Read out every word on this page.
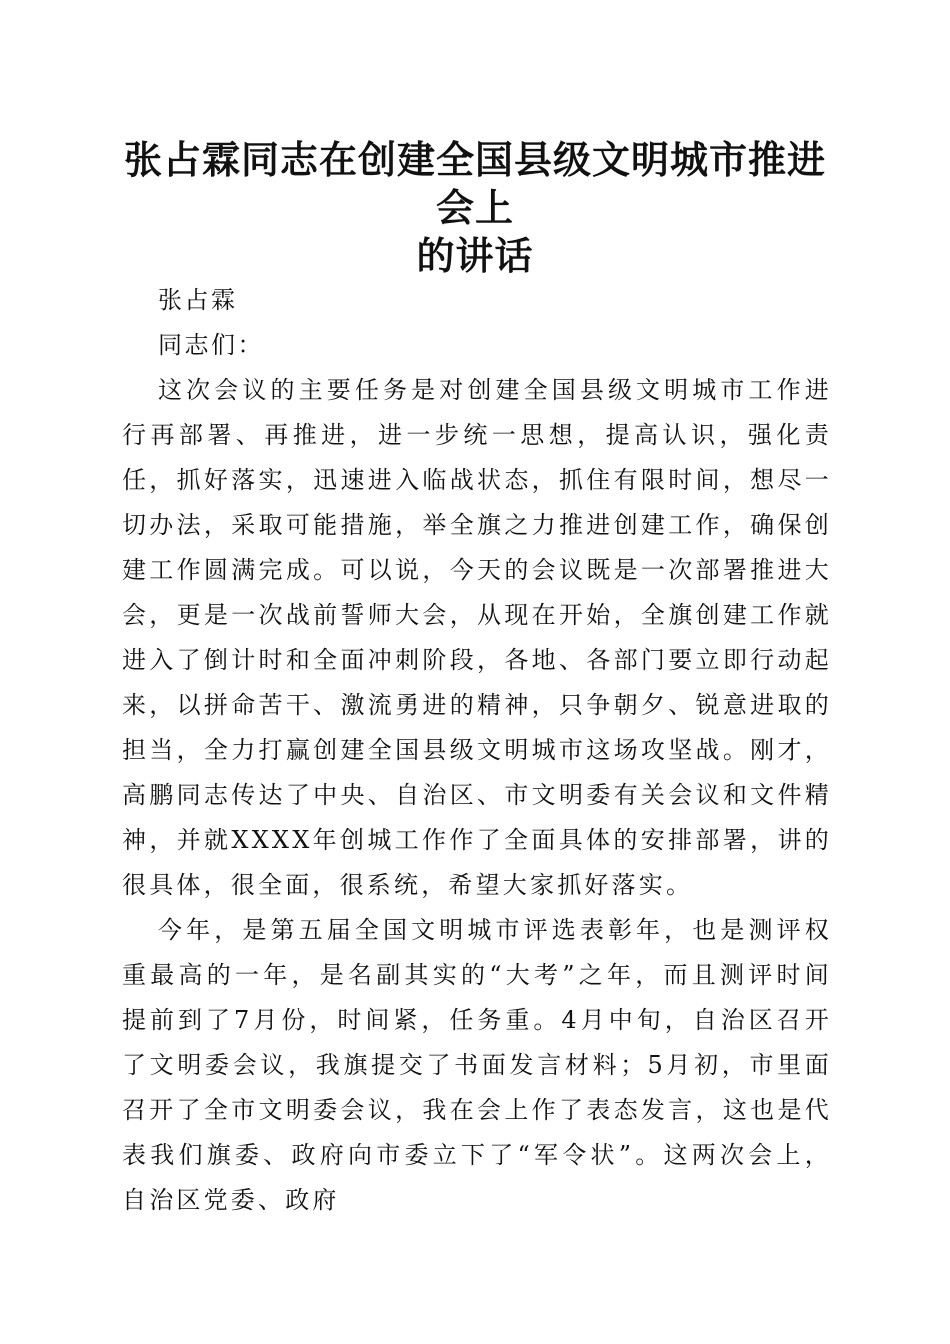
张占霖同志在创建全国县级文明城市推进会上
的讲话

张占霖

同志们：

这次会议的主要任务是对创建全国县级文明城市工作进行再部署、再推进，进一步统一思想，提高认识，强化责任，抓好落实，迅速进入临战状态，抓住有限时间，想尽一切办法，采取可能措施，举全旗之力推进创建工作，确保创建工作圆满完成。可以说，今天的会议既是一次部署推进大会，更是一次战前誓师大会，从现在开始，全旗创建工作就进入了倒计时和全面冲刺阶段，各地、各部门要立即行动起来，以拼命苦干、激流勇进的精神，只争朝夕、锐意进取的担当，全力打赢创建全国县级文明城市这场攻坚战。刚才，高鹏同志传达了中央、自治区、市文明委有关会议和文件精神，并就XXXX年创城工作作了全面具体的安排部署，讲的很具体，很全面，很系统，希望大家抓好落实。

今年，是第五届全国文明城市评选表彰年，也是测评权重最高的一年，是名副其实的“大考”之年，而且测评时间提前到了7月份，时间紧，任务重。4月中旬，自治区召开了文明委会议，我旗提交了书面发言材料；5月初，市里面召开了全市文明委会议，我在会上作了表态发言，这也是代表我们旗委、政府向市委立下了“军令状”。这两次会上，自治区党委、政府
